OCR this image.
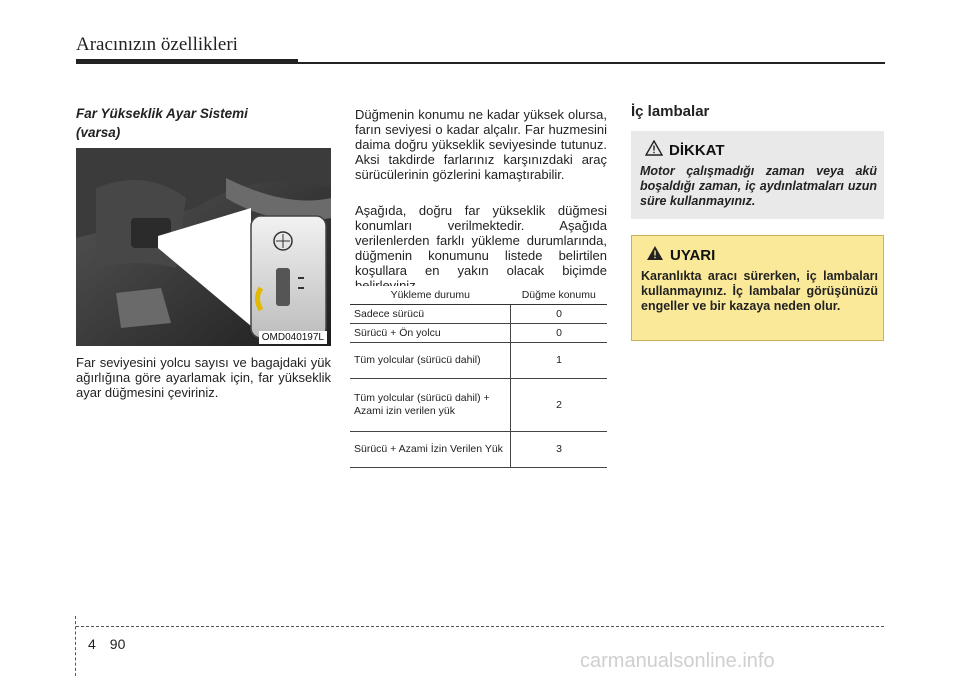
Aracınızın özellikleri
Far Yükseklik Ayar Sistemi (varsa)
OMD040197L
Far seviyesini yolcu sayısı ve bagajdaki yük ağırlığına göre ayarlamak için, far yükseklik ayar düğmesini çeviriniz.
Düğmenin konumu ne kadar yüksek olursa, farın seviyesi o kadar alçalır. Far huzmesini daima doğru yükseklik seviyesinde tutunuz. Aksi takdirde farlarınız karşınızdaki araç sürücülerinin gözlerini kamaştırabilir.
Aşağıda, doğru far yükseklik düğmesi konumları verilmektedir. Aşağıda verilenlerden farklı yükleme durumlarında, düğmenin konumunu listede belirtilen koşullara en yakın olacak biçimde
Yükleme durumu	Düğme konumu
Sadece sürücü	0
Sürücü + Ön yolcu	0
Tüm yolcular (sürücü dahil)	1
Tüm yolcular (sürücü dahil) + Azami izin verilen yük	2
Sürücü + Azami İzin Verilen Yük	3
İç lambalar
DİKKAT
Motor çalışmadığı zaman veya akü boşaldığı zaman, iç aydınlatmaları uzun süre kullanmayınız.
UYARI
Karanlıkta aracı sürerken, iç lambaları kullanmayınız. İç lambalar görüşünüzü engeller ve bir kazaya neden olur.
4 90
carmanualsonline.info
